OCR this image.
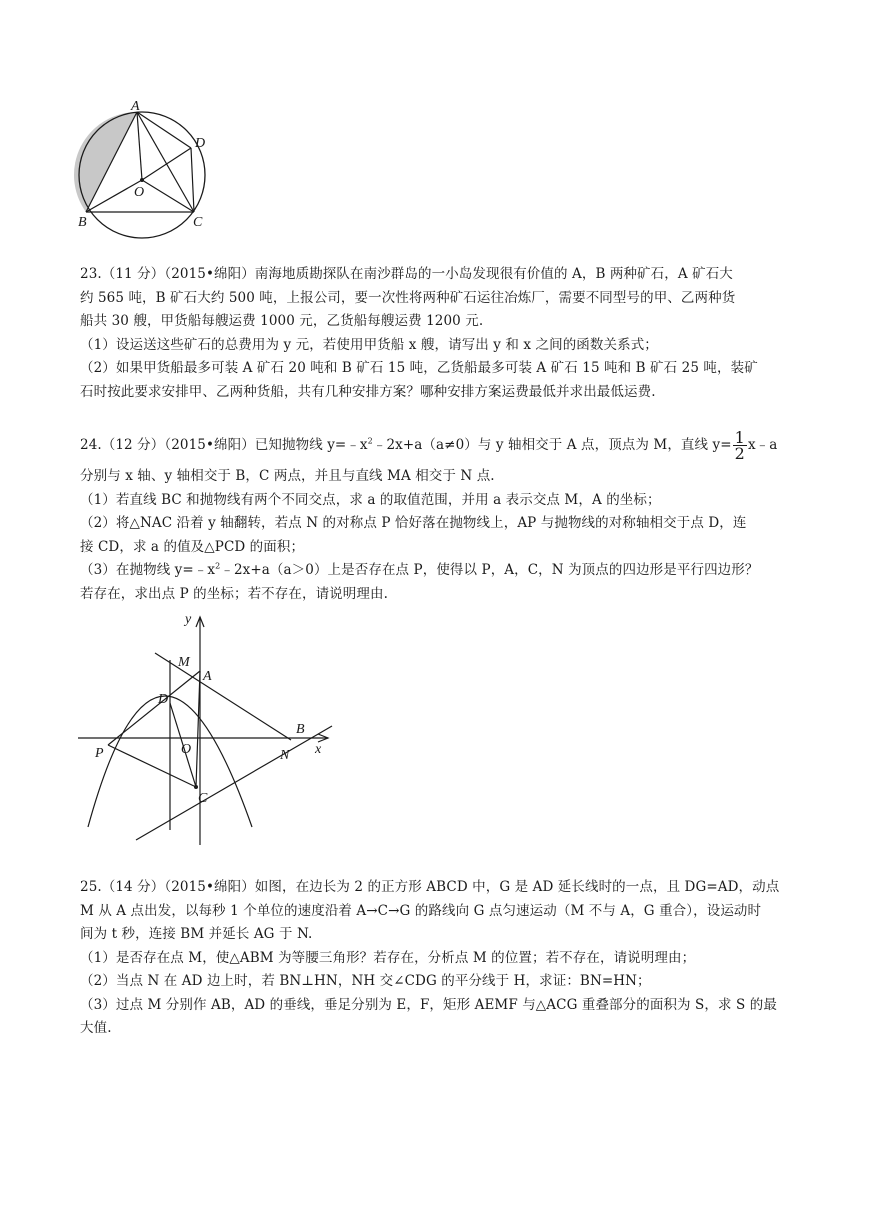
A
D
O
B	C

23.（11 分）（2015•绵阳）南海地质勘探队在南沙群岛的一小岛发现很有价值的 A，B 两种矿石，A 矿石大

约 565 吨，B 矿石大约 500 吨，上报公司，要一次性将两种矿石运往冶炼厂，需要不同型号的甲、乙两种货

船共 30 艘，甲货船每艘运费 1000 元，乙货船每艘运费 1200 元.

（1）设运送这些矿石的总费用为 y 元，若使用甲货船 x 艘，请写出 y 和 x 之间的函数关系式；

（2）如果甲货船最多可装 A 矿石 20 吨和 B 矿石 15 吨，乙货船最多可装 A 矿石 15 吨和 B 矿石 25 吨，装矿

石时按此要求安排甲、乙两种货船，共有几种安排方案？哪种安排方案运费最低并求出最低运费.

24.（12 分）（2015•绵阳）已知抛物线 $y=﹣x^2﹣2x+a(a\ne 0)$与 y 轴相交于 A 点，顶点为 M，直线 $y= \frac{1}{2}$ x﹣a

分别与 x 轴、y 轴相交于 B，C 两点，并且与直线 MA 相交于 N 点.

（1）若直线 BC 和抛物线有两个不同交点，求 a 的取值范围，并用 a 表示交点 M，A 的坐标；

（2）将△NAC 沿着 y 轴翻转，若点 N 的对称点 P 恰好落在抛物线上，AP 与抛物线的对称轴相交于点 D，连

接 CD，求 a 的值及△PCD 的面积；

（3）在抛物线 $y=﹣x^2﹣2x+a(a>0)$上是否存在点 P，使得以 P，A，C，N 为顶点的四边形是平行四边形？

若存在，求出点 P 的坐标；若不存在，请说明理由.

y
M
A
D
B
O	x
P	N
C

25.（14 分）（2015•绵阳）如图，在边长为 2 的正方形 ABCD 中，G 是 AD 延长线时的一点，且 DG=AD，动点

M 从 A 点出发，以每秒 1 个单位的速度沿着 A→C→G 的路线向 G 点匀速运动（M 不与 A，G 重合），设运动时

间为 t 秒，连接 BM 并延长 AG 于 N.

（1）是否存在点 M，使△ABM 为等腰三角形？若存在，分析点 M 的位置；若不存在，请说明理由；

（2）当点 N 在 AD 边上时，若 BN⊥HN，NH 交∠CDG 的平分线于 H，求证：BN=HN；

（3）过点 M 分别作 AB，AD 的垂线，垂足分别为 E，F，矩形 AEMF 与△ACG 重叠部分的面积为 S，求 S 的最

大值.
